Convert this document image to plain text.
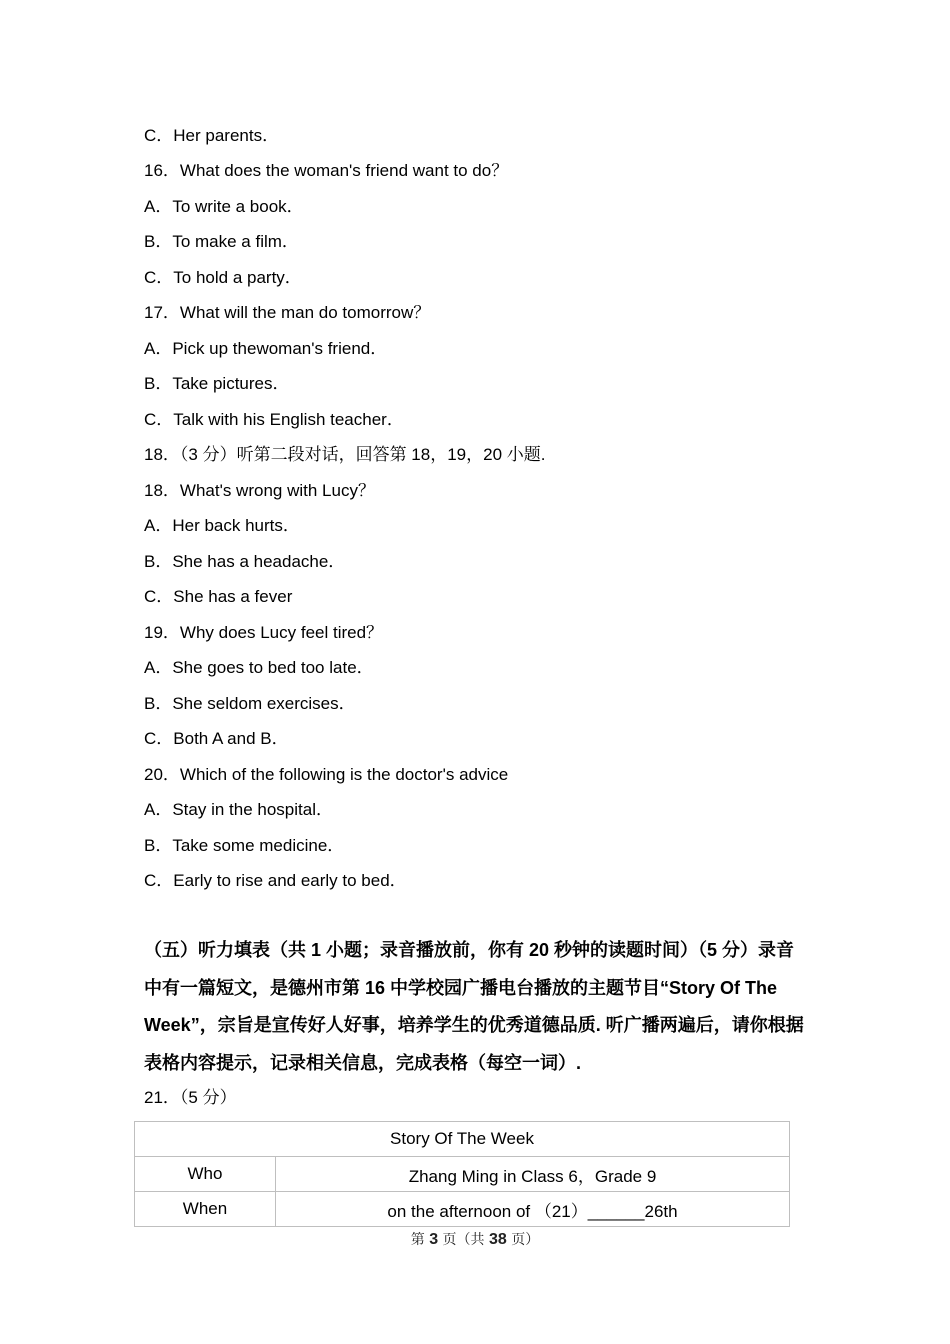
C．Her parents．
16．What does the woman's friend want to do？
A．To write a book．
B．To make a film．
C．To hold a party．
17．What will the man do tomorrow？
A．Pick up thewoman's friend．
B．Take pictures．
C．Talk with his English teacher．
18．（3 分）听第二段对话，回答第 18，19，20 小题.
18．What's wrong with Lucy？
A．Her back hurts．
B．She has a headache．
C．She has a fever
19．Why does Lucy feel tired？
A．She goes to bed too late．
B．She seldom exercises．
C．Both A and B．
20．Which of the following is the doctor's advice
A．Stay in the hospital．
B．Take some medicine．
C．Early to rise and early to bed．
（五）听力填表（共 1 小题；录音播放前，你有 20 秒钟的读题时间）（5 分）录音中有一篇短文，是德州市第 16 中学校园广播电台播放的主题节目“Story Of The Week”，宗旨是宣传好人好事，培养学生的优秀道德品质. 听广播两遍后，请你根据表格内容提示，记录相关信息，完成表格（每空一词）.
21．（5 分）
Story Of The Week	
Who	Zhang Ming in Class 6，Grade 9
When	on the afternoon of （21）______26th
第 3 页（共 38 页）
